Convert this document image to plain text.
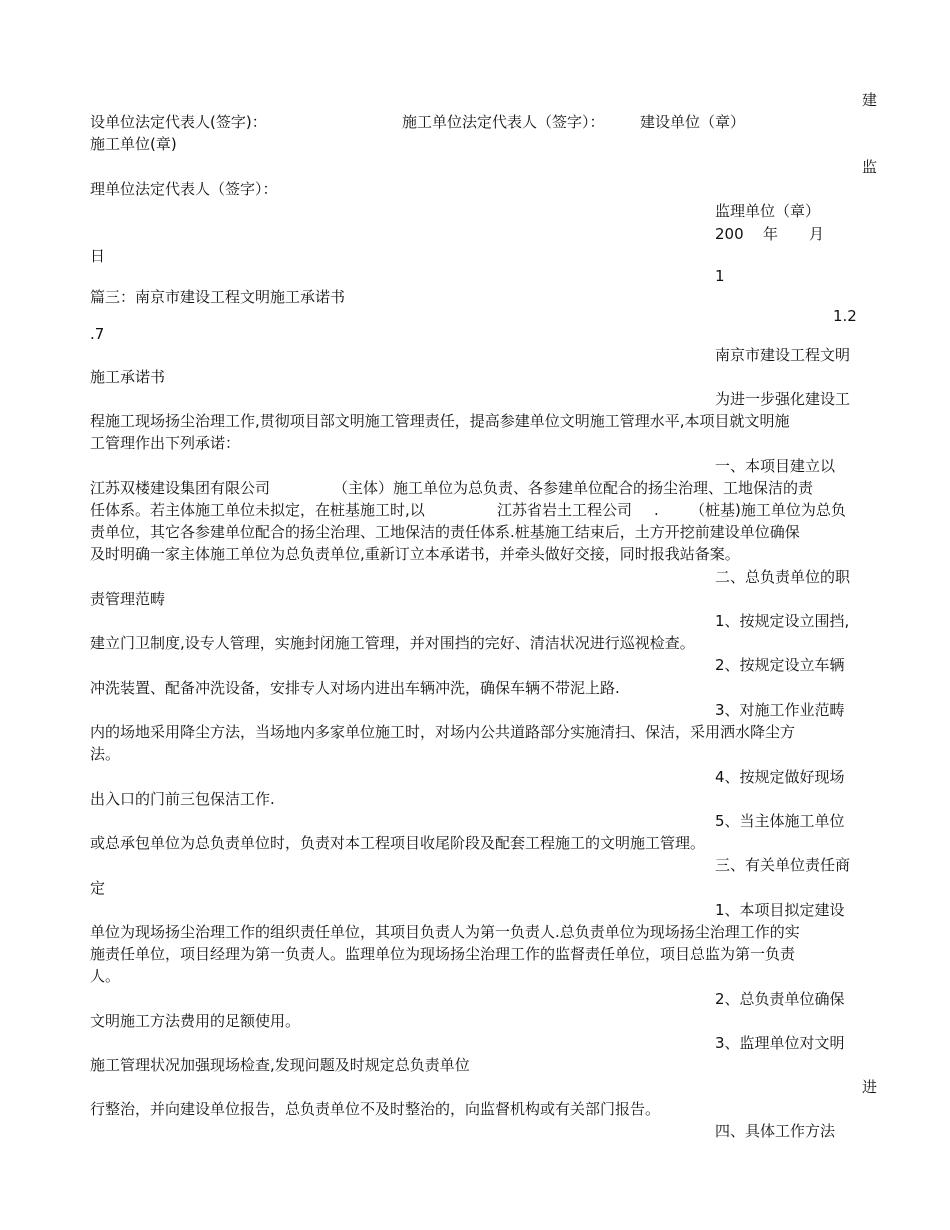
建
设单位法定代表人(签字)：	施工单位法定代表人（签字）： 建设单位（章）
施工单位(章)
监
理单位法定代表人（签字）：
监理单位（章）
200 年 月
日
1
篇三：南京市建设工程文明施工承诺书
1.2
.7
南京市建设工程文明
施工承诺书
为进一步强化建设工
程施工现场扬尘治理工作,贯彻项目部文明施工管理责任，提高参建单位文明施工管理水平,本项目就文明施
工管理作出下列承诺：
一、本项目建立以
江苏双楼建设集团有限公司	（主体）施工单位为总负责、各参建单位配合的扬尘治理、工地保洁的责
任体系。若主体施工单位未拟定，在桩基施工时,以	江苏省岩土工程公司 . （桩基)施工单位为总负
责单位，其它各参建单位配合的扬尘治理、工地保洁的责任体系.桩基施工结束后，土方开挖前建设单位确保
及时明确一家主体施工单位为总负责单位,重新订立本承诺书，并牵头做好交接，同时报我站备案。
二、总负责单位的职
责管理范畴
1、按规定设立围挡,
建立门卫制度,设专人管理，实施封闭施工管理，并对围挡的完好、清洁状况进行巡视检查。
2、按规定设立车辆
冲洗装置、配备冲洗设备，安排专人对场内进出车辆冲洗，确保车辆不带泥上路.
3、对施工作业范畴
内的场地采用降尘方法，当场地内多家单位施工时，对场内公共道路部分实施清扫、保洁，采用洒水降尘方
法。
4、按规定做好现场
出入口的门前三包保洁工作.
5、当主体施工单位
或总承包单位为总负责单位时，负责对本工程项目收尾阶段及配套工程施工的文明施工管理。
三、有关单位责任商
定
1、本项目拟定建设
单位为现场扬尘治理工作的组织责任单位，其项目负责人为第一负责人.总负责单位为现场扬尘治理工作的实
施责任单位，项目经理为第一负责人。监理单位为现场扬尘治理工作的监督责任单位，项目总监为第一负责
人。
2、总负责单位确保
文明施工方法费用的足额使用。
3、监理单位对文明
施工管理状况加强现场检查,发现问题及时规定总负责单位
进
行整治，并向建设单位报告，总负责单位不及时整治的，向监督机构或有关部门报告。
四、具体工作方法
